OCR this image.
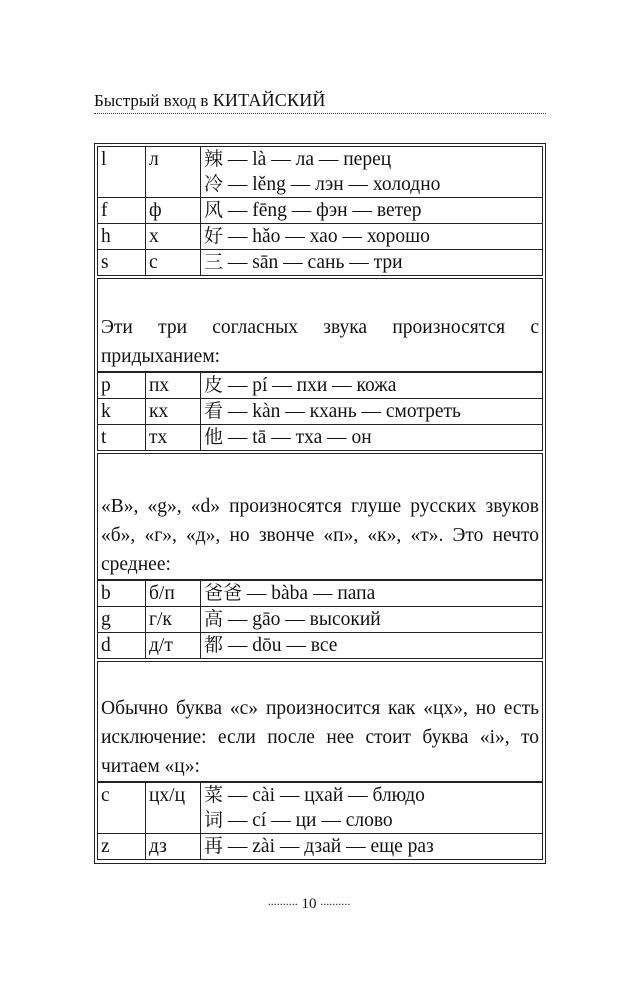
Быстрый вход в КИТАЙСКИЙ
l	л	辣 — là — ла — перец
冷 — lěng — лэн — холодно

f	ф	风 — fēng — фэн — ветер
h	х	好 — hǎo — хао — хорошо
s	с	三 — sān — сань — три
Эти три согласных звука произносятся с придыханием:
p	пх	皮 — pí — пхи — кожа
k	кх	看 — kàn — кхань — смотреть
t	тх	他 — tā — тха — он
«B», «g», «d» произносятся глуше русских звуков «б», «г», «д», но звонче «п», «к», «т». Это нечто среднее:
b	б/п	爸爸 — bàba — папа
g	г/к	高 — gāo — высокий
d	д/т	都 — dōu — все
Обычно буква «c» произносится как «цх», но есть исключение: если после нее стоит буква «i», то читаем «ц»:
c	цх/ц	菜 — cài — цхай — блюдо
词 — cí — ци — слово

z	дз	再 — zài — дзай — еще раз
.......... 10 ..........
